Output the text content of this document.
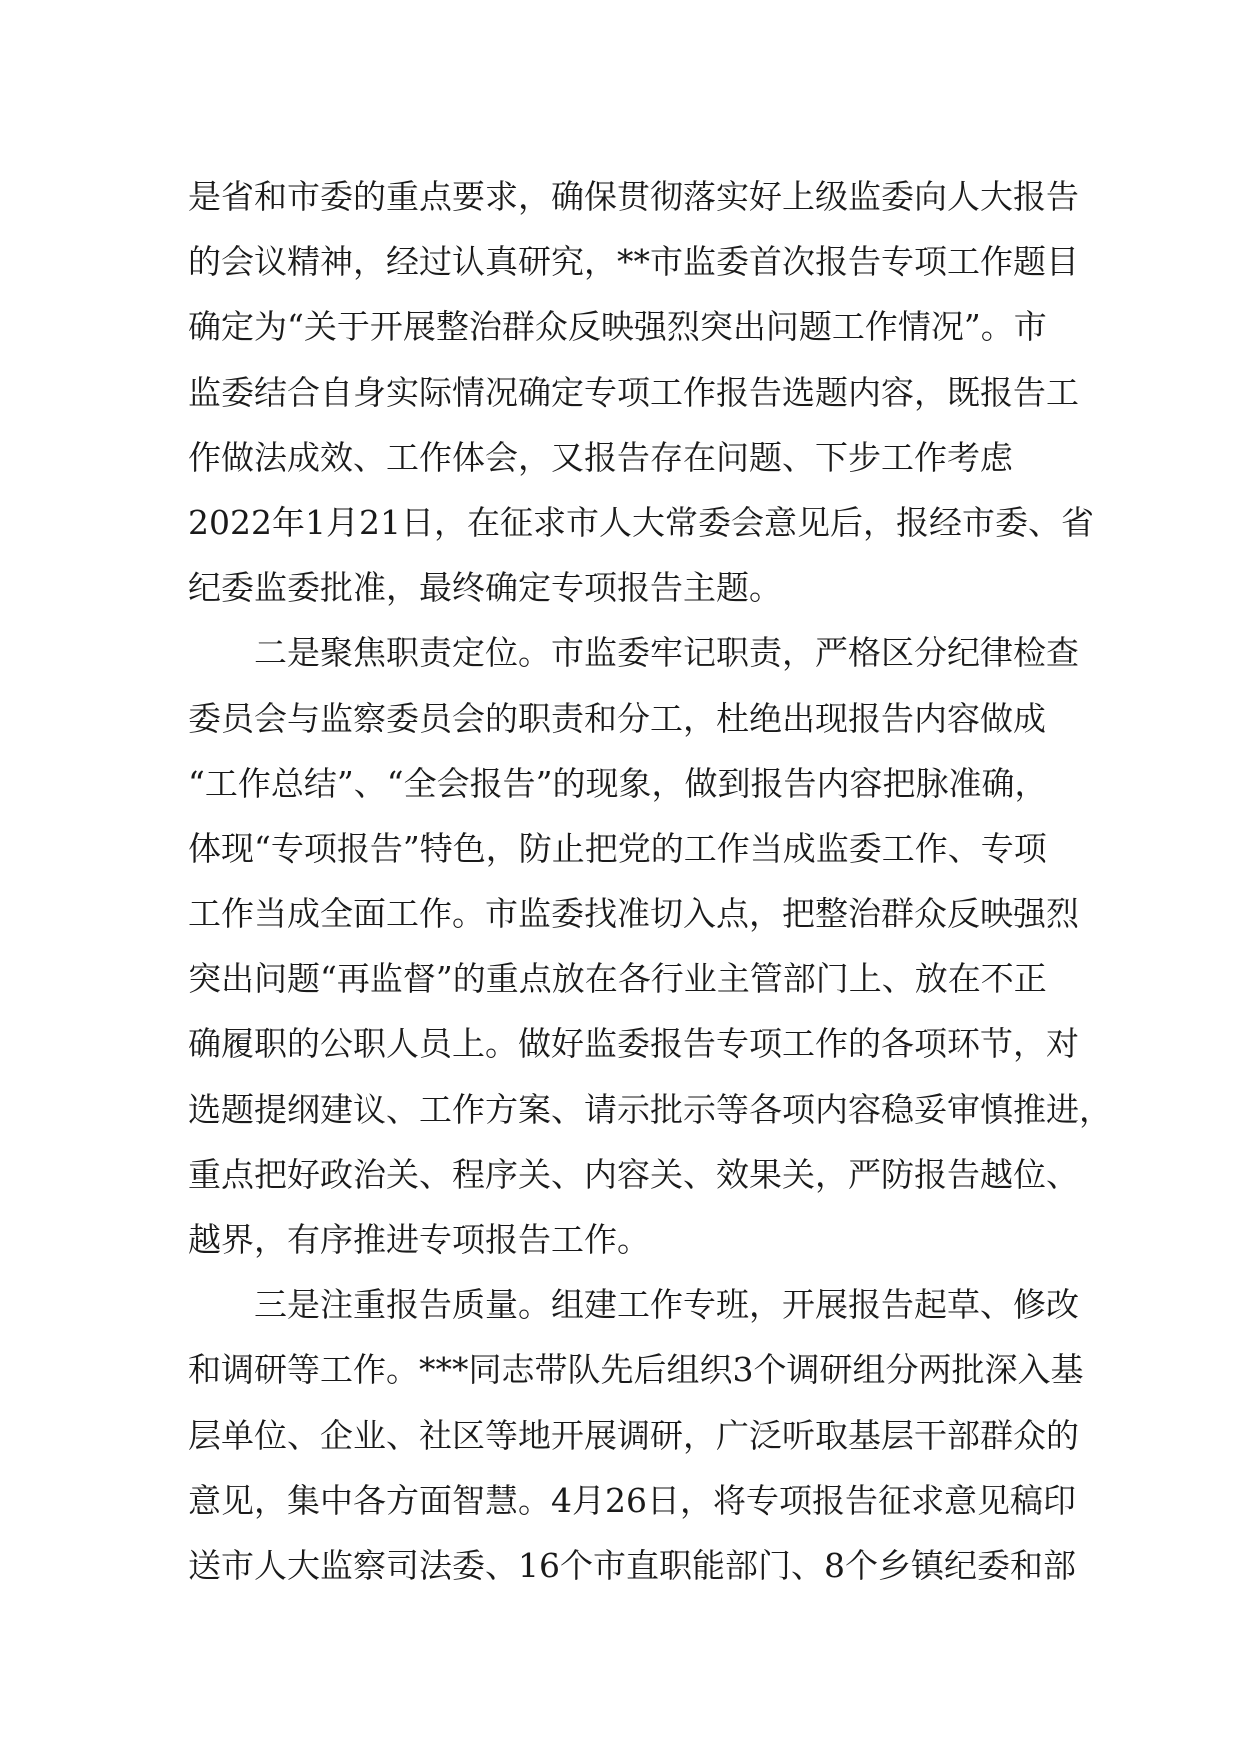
是省和市委的重点要求，确保贯彻落实好上级监委向人大报告
的会议精神，经过认真研究，**市监委首次报告专项工作题目
确定为“关于开展整治群众反映强烈突出问题工作情况”。市
监委结合自身实际情况确定专项工作报告选题内容，既报告工
作做法成效、工作体会，又报告存在问题、下步工作考虑
2022年1月21日，在征求市人大常委会意见后，报经市委、省
纪委监委批准，最终确定专项报告主题。
二是聚焦职责定位。市监委牢记职责，严格区分纪律检查
委员会与监察委员会的职责和分工，杜绝出现报告内容做成
“工作总结”、“全会报告”的现象，做到报告内容把脉准确，
体现“专项报告”特色，防止把党的工作当成监委工作、专项
工作当成全面工作。市监委找准切入点，把整治群众反映强烈
突出问题“再监督”的重点放在各行业主管部门上、放在不正
确履职的公职人员上。做好监委报告专项工作的各项环节，对
选题提纲建议、工作方案、请示批示等各项内容稳妥审慎推进，
重点把好政治关、程序关、内容关、效果关，严防报告越位、
越界，有序推进专项报告工作。
三是注重报告质量。组建工作专班，开展报告起草、修改
和调研等工作。***同志带队先后组织3个调研组分两批深入基
层单位、企业、社区等地开展调研，广泛听取基层干部群众的
意见，集中各方面智慧。4月26日，将专项报告征求意见稿印
送市人大监察司法委、16个市直职能部门、8个乡镇纪委和部
